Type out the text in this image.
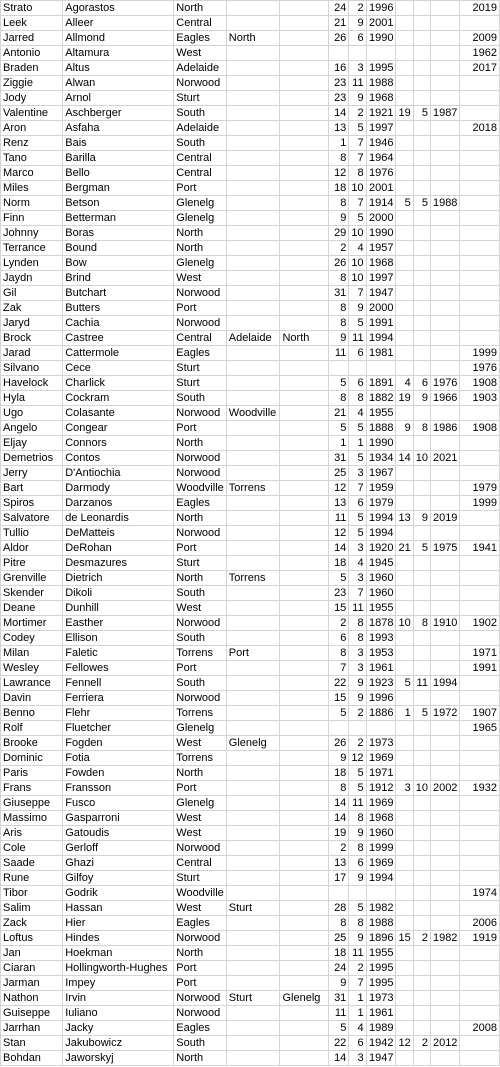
Strato	Agorastos	North			24	2	1996				2019
Leek	Alleer	Central			21	9	2001				
Jarred	Allmond	Eagles	North		26	6	1990				2009
Antonio	Altamura	West									1962
Braden	Altus	Adelaide			16	3	1995				2017
Ziggie	Alwan	Norwood			23	11	1988				
Jody	Arnol	Sturt			23	9	1968				
Valentine	Aschberger	South			14	2	1921	19	5	1987	
Aron	Asfaha	Adelaide			13	5	1997				2018
Renz	Bais	South			1	7	1946				
Tano	Barilla	Central			8	7	1964				
Marco	Bello	Central			12	8	1976				
Miles	Bergman	Port			18	10	2001				
Norm	Betson	Glenelg			8	7	1914	5	5	1988	
Finn	Betterman	Glenelg			9	5	2000				
Johnny	Boras	North			29	10	1990				
Terrance	Bound	North			2	4	1957				
Lynden	Bow	Glenelg			26	10	1968				
Jaydn	Brind	West			8	10	1997				
Gil	Butchart	Norwood			31	7	1947				
Zak	Butters	Port			8	9	2000				
Jaryd	Cachia	Norwood			8	5	1991				
Brock	Castree	Central	Adelaide	North	9	11	1994				
Jarad	Cattermole	Eagles			11	6	1981				1999
Silvano	Cece	Sturt									1976
Havelock	Charlick	Sturt			5	6	1891	4	6	1976	1908
Hyla	Cockram	South			8	8	1882	19	9	1966	1903
Ugo	Colasante	Norwood	Woodville		21	4	1955				
Angelo	Congear	Port			5	5	1888	9	8	1986	1908
Eljay	Connors	North			1	1	1990				
Demetrios	Contos	Norwood			31	5	1934	14	10	2021	
Jerry	D'Antiochia	Norwood			25	3	1967				
Bart	Darmody	Woodville	Torrens		12	7	1959				1979
Spiros	Darzanos	Eagles			13	6	1979				1999
Salvatore	de Leonardis	North			11	5	1994	13	9	2019	
Tullio	DeMatteis	Norwood			12	5	1994				
Aldor	DeRohan	Port			14	3	1920	21	5	1975	1941
Pitre	Desmazures	Sturt			18	4	1945				
Grenville	Dietrich	North	Torrens		5	3	1960				
Skender	Dikoli	South			23	7	1960				
Deane	Dunhill	West			15	11	1955				
Mortimer	Easther	Norwood			2	8	1878	10	8	1910	1902
Codey	Ellison	South			6	8	1993				
Milan	Faletic	Torrens	Port		8	3	1953				1971
Wesley	Fellowes	Port			7	3	1961				1991
Lawrance	Fennell	South			22	9	1923	5	11	1994	
Davin	Ferriera	Norwood			15	9	1996				
Benno	Flehr	Torrens			5	2	1886	1	5	1972	1907
Rolf	Fluetcher	Glenelg									1965
Brooke	Fogden	West	Glenelg		26	2	1973				
Dominic	Fotia	Torrens			9	12	1969				
Paris	Fowden	North			18	5	1971				
Frans	Fransson	Port			8	5	1912	3	10	2002	1932
Giuseppe	Fusco	Glenelg			14	11	1969				
Massimo	Gasparroni	West			14	8	1968				
Aris	Gatoudis	West			19	9	1960				
Cole	Gerloff	Norwood			2	8	1999				
Saade	Ghazi	Central			13	6	1969				
Rune	Gilfoy	Sturt			17	9	1994				
Tibor	Godrik	Woodville									1974
Salim	Hassan	West	Sturt		28	5	1982				
Zack	Hier	Eagles			8	8	1988				2006
Loftus	Hindes	Norwood			25	9	1896	15	2	1982	1919
Jan	Hoekman	North			18	11	1955				
Ciaran	Hollingworth-Hughes	Port			24	2	1995				
Jarman	Impey	Port			9	7	1995				
Nathon	Irvin	Norwood	Sturt	Glenelg	31	1	1973				
Guiseppe	Iuliano	Norwood			11	1	1961				
Jarrhan	Jacky	Eagles			5	4	1989				2008
Stan	Jakubowicz	South			22	6	1942	12	2	2012	
Bohdan	Jaworskyj	North			14	3	1947				
